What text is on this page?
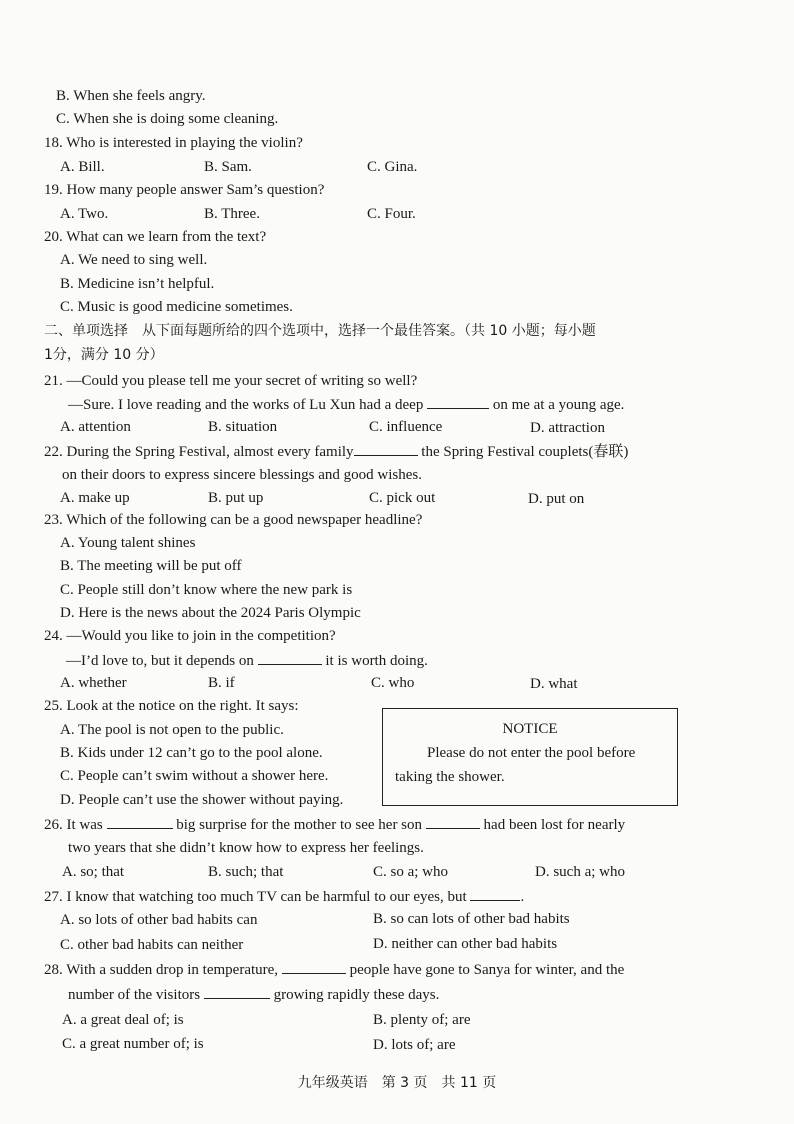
B. When she feels angry.
C. When she is doing some cleaning.
18. Who is interested in playing the violin?
A. Bill.	B. Sam.	C. Gina.
19. How many people answer Sam’s question?
A. Two.	B. Three.	C. Four.
20. What can we learn from the text?
A. We need to sing well.
B. Medicine isn’t helpful.
C. Music is good medicine sometimes.
二、单项选择　从下面每题所给的四个选项中，选择一个最佳答案。（共 10 小题；每小题
1分，满分 10 分）
21. —Could you please tell me your secret of writing so well?
—Sure. I love reading and the works of Lu Xun had a deep	on me at a young age.
A. attention	B. situation	C. influence	D. attraction
22. During the Spring Festival, almost every family	the Spring Festival couplets(春联)
on their doors to express sincere blessings and good wishes.
A. make up	B. put up	C. pick out	D. put on
23. Which of the following can be a good newspaper headline?
A. Young talent shines
B. The meeting will be put off
C. People still don’t know where the new park is
D. Here is the news about the 2024 Paris Olympic
24. —Would you like to join in the competition?
—I’d love to, but it depends on	it is worth doing.
A. whether	B. if	C. who	D. what
25. Look at the notice on the right. It says:
A. The pool is not open to the public.
B. Kids under 12 can’t go to the pool alone.
C. People can’t swim without a shower here.
D. People can’t use the shower without paying.
NOTICE
Please do not enter the pool before
taking the shower.
26. It was	big surprise for the mother to see her son	had been lost for nearly
two years that she didn’t know how to express her feelings.
A. so; that	B. such; that	C. so a; who	D. such a; who
27. I know that watching too much TV can be harmful to our eyes, but	.
A. so lots of other bad habits can	B. so can lots of other bad habits
C. other bad habits can neither	D. neither can other bad habits
28. With a sudden drop in temperature,	people have gone to Sanya for winter, and the
number of the visitors	growing rapidly these days.
A. a great deal of; is	B. plenty of; are
C. a great number of; is	D. lots of; are
九年级英语　第 3 页　共 11 页
